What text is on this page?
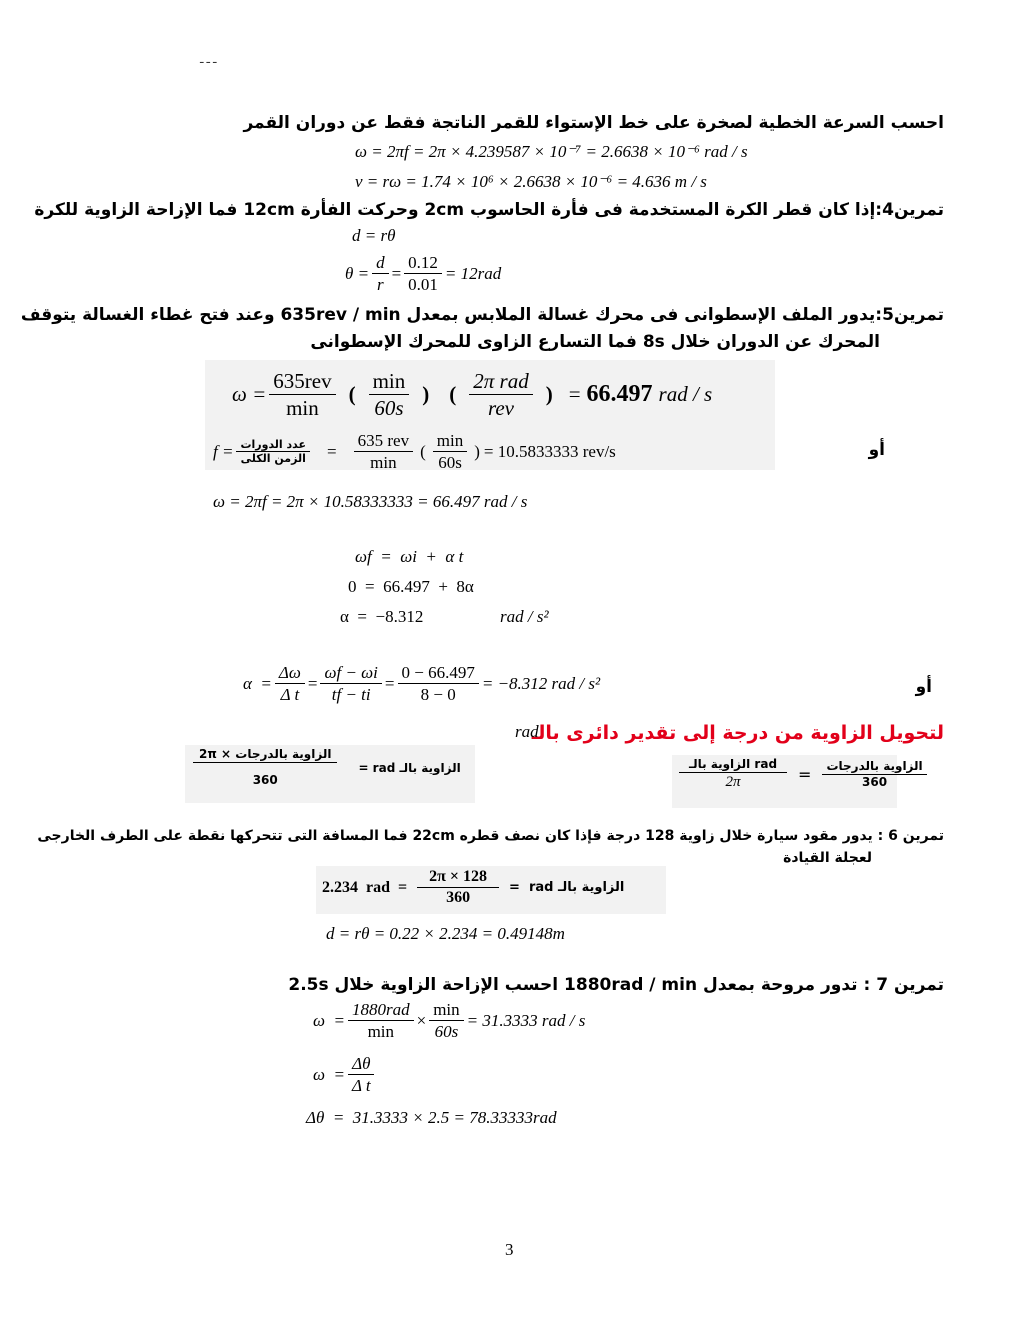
ـ ـ ـ
احسب السرعة الخطية لصخرة على خط الإستواء للقمر الناتجة فقط عن دوران القمر
ω = 2πf = 2π × 4.239587 × 10⁻⁷ = 2.6638 × 10⁻⁶ rad / s
v = rω = 1.74 × 10⁶ × 2.6638 × 10⁻⁶ = 4.636 m / s
تمرين4:إذا كان قطر الكرة المستخدمة فى فأرة الحاسوب 2cm وحركت الفأرة 12cm فما الإزاحة الزاوية للكرة
d = rθ
$\theta = \frac{d}{r} = \frac{0.12}{0.01} = 12rad$
تمرين5:يدور الملف الإسطوانى فى محرك غسالة الملابس بمعدل 635rev / min وعند فتح غطاء الغسالة يتوقف
المحرك عن الدوران خلال 8s فما التسارع الزاوى للمحرك الإسطوانى
$\omega = \frac{\text{635rev}}{\min}$ ( $\frac{\min}{60s}$ ) ( $\frac{\text{2π rad}}{\text{rev}}$ ) = 66.497 rad / s
$f = \frac{\text{عدد الدورات}}{\text{الزمن الكلى}} = \frac{\text{635 rev}}{\min}$ ( $\frac{\min}{60s}$ ) = 10.5833333 rev/s	أو
ω = 2πf = 2π × 10.58333333 = 66.497 rad / s
ωf  =  ωi  +  α t
0  =  66.497  +  8α
α  =  −8.312	rad / s²
$\alpha = \frac{\Delta\omega}{\text{Δ t}} = \frac{\omega f - \omega i}{tf - ti} = \frac{0 - 66.497}{8 - 0} = -8.312$ rad / s²	أو
لتحويل الزاوية من درجة إلى تقدير دائرى بالـ
rad
$\frac{\text{2π × الزاوية بالدرجات}}{360}$ = rad الزاوية بالـ	$\frac{\text{الزاوية بالـ rad}}{2\pi} = \frac{\text{الزاوية بالدرجات}}{360}$
تمرين 6 : يدور مقود سيارة خلال زاوية 128 درجة فإذا كان نصف قطره 22cm فما المسافة التى تتحركها نقطة على الطرف الخارجى
لعجلة القيادة
2.234  rad  = $\frac{2\pi \times 128}{360}$ =  rad الزاوية بالـ
d = rθ = 0.22 × 2.234 = 0.49148m
تمرين 7 : تدور مروحة بمعدل 1880rad / min احسب الإزاحة الزاوية خلال 2.5s
$\omega = \frac{\text{1880rad}}{\min} \times \frac{\min}{60s} = 31.3333$ rad / s
$\omega = \frac{\Delta\theta}{\text{Δ t}}$
Δθ  =  31.3333 × 2.5 = 78.33333rad
3
